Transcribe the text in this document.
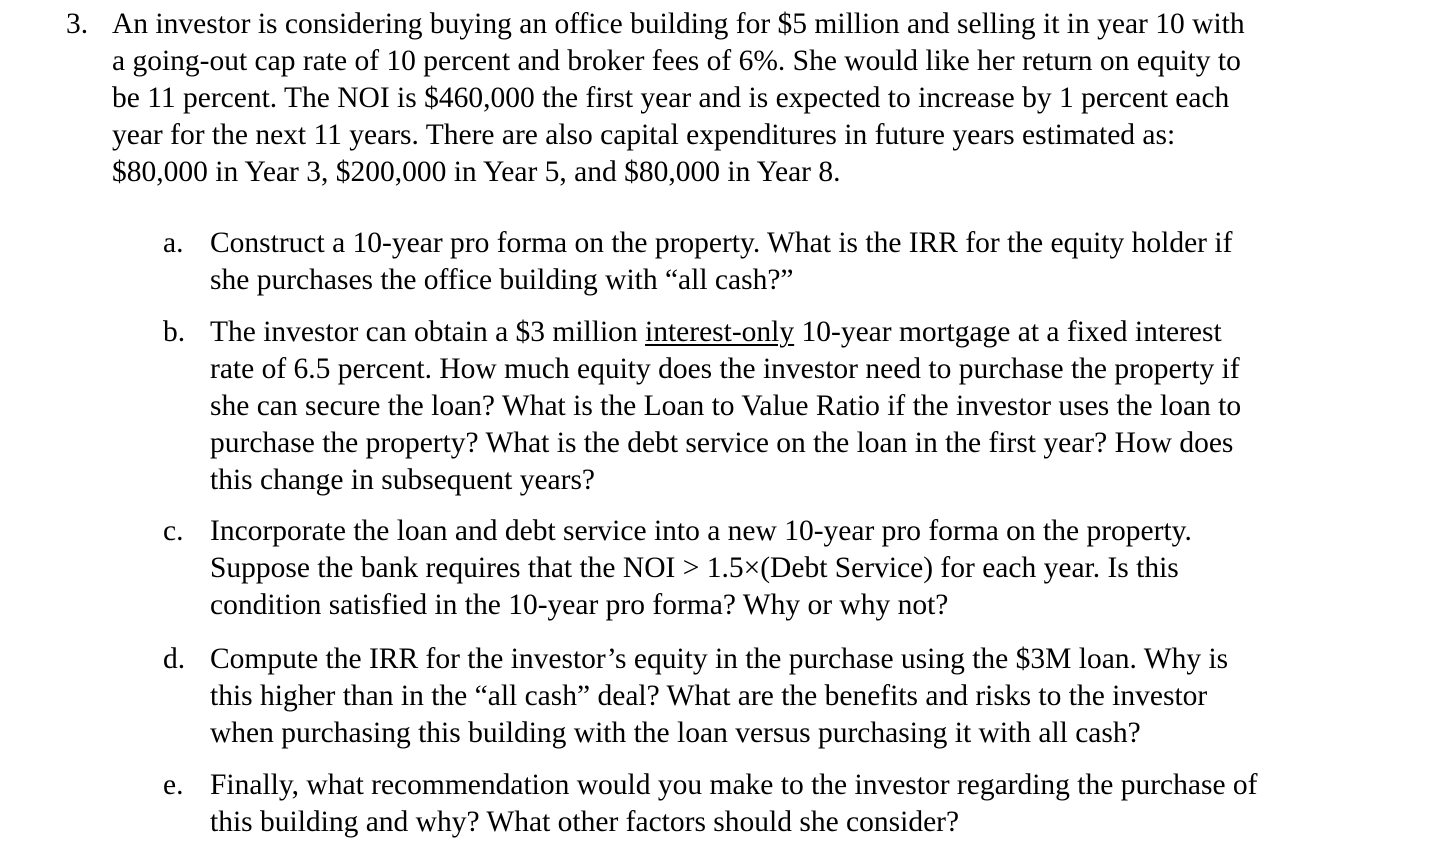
3. An investor is considering buying an office building for $5 million and selling it in year 10 with
a going-out cap rate of 10 percent and broker fees of 6%. She would like her return on equity to
be 11 percent. The NOI is $460,000 the first year and is expected to increase by 1 percent each
year for the next 11 years. There are also capital expenditures in future years estimated as:
$80,000 in Year 3, $200,000 in Year 5, and $80,000 in Year 8.
a. Construct a 10-year pro forma on the property. What is the IRR for the equity holder if
she purchases the office building with “all cash?”
b. The investor can obtain a $3 million interest-only 10-year mortgage at a fixed interest
rate of 6.5 percent. How much equity does the investor need to purchase the property if
she can secure the loan? What is the Loan to Value Ratio if the investor uses the loan to
purchase the property? What is the debt service on the loan in the first year? How does
this change in subsequent years?
c. Incorporate the loan and debt service into a new 10-year pro forma on the property.
Suppose the bank requires that the NOI > 1.5×(Debt Service) for each year. Is this
condition satisfied in the 10-year pro forma? Why or why not?
d. Compute the IRR for the investor’s equity in the purchase using the $3M loan. Why is
this higher than in the “all cash” deal? What are the benefits and risks to the investor
when purchasing this building with the loan versus purchasing it with all cash?
e. Finally, what recommendation would you make to the investor regarding the purchase of
this building and why? What other factors should she consider?
